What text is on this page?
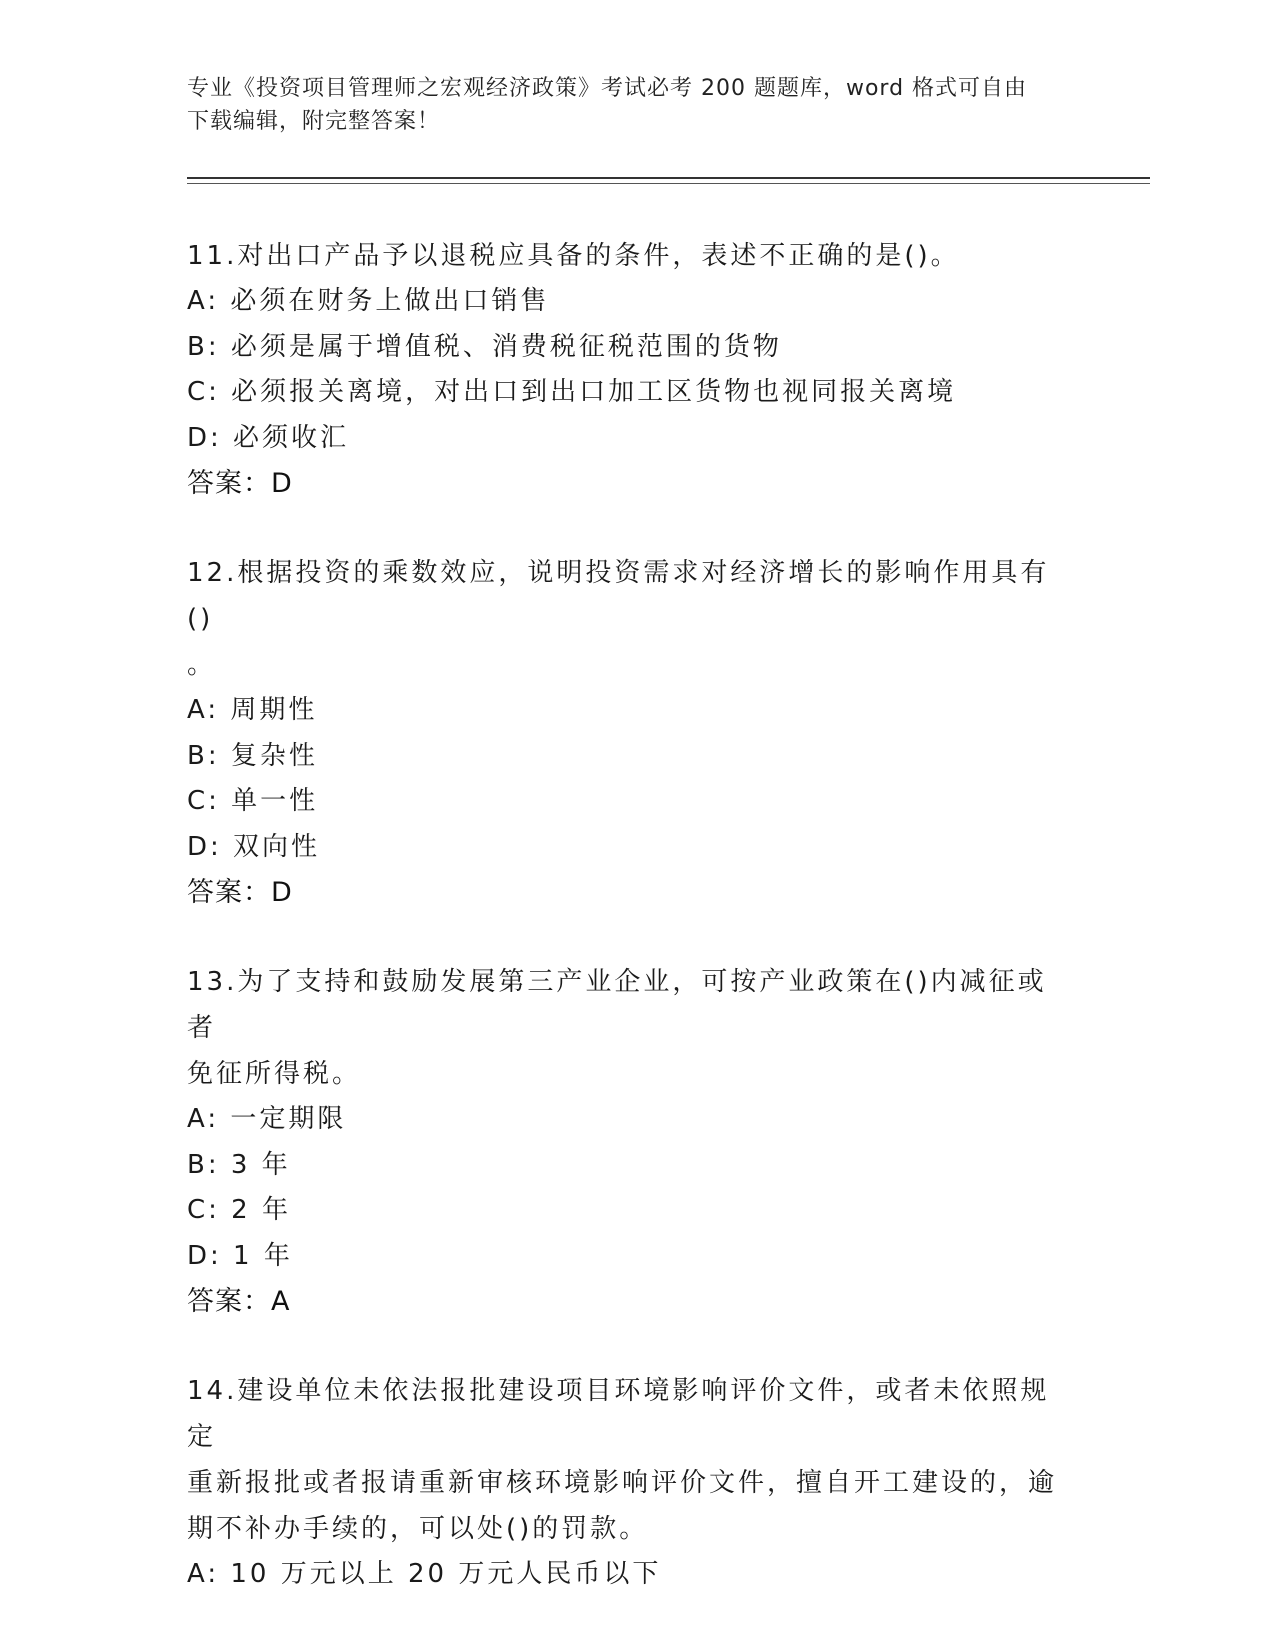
专业《投资项目管理师之宏观经济政策》考试必考 200 题题库，word 格式可自由
下载编辑，附完整答案！

11.对出口产品予以退税应具备的条件，表述不正确的是()。

A: 必须在财务上做出口销售

B: 必须是属于增值税、消费税征税范围的货物

C: 必须报关离境，对出口到出口加工区货物也视同报关离境

D: 必须收汇

答案：D

12.根据投资的乘数效应，说明投资需求对经济增长的影响作用具有()

。

A: 周期性

B: 复杂性

C: 单一性

D: 双向性

答案：D

13.为了支持和鼓励发展第三产业企业，可按产业政策在()内减征或者

免征所得税。

A: 一定期限

B: 3 年

C: 2 年

D: 1 年

答案：A

14.建设单位未依法报批建设项目环境影响评价文件，或者未依照规定

重新报批或者报请重新审核环境影响评价文件，擅自开工建设的，逾

期不补办手续的，可以处()的罚款。

A: 10 万元以上 20 万元人民币以下
